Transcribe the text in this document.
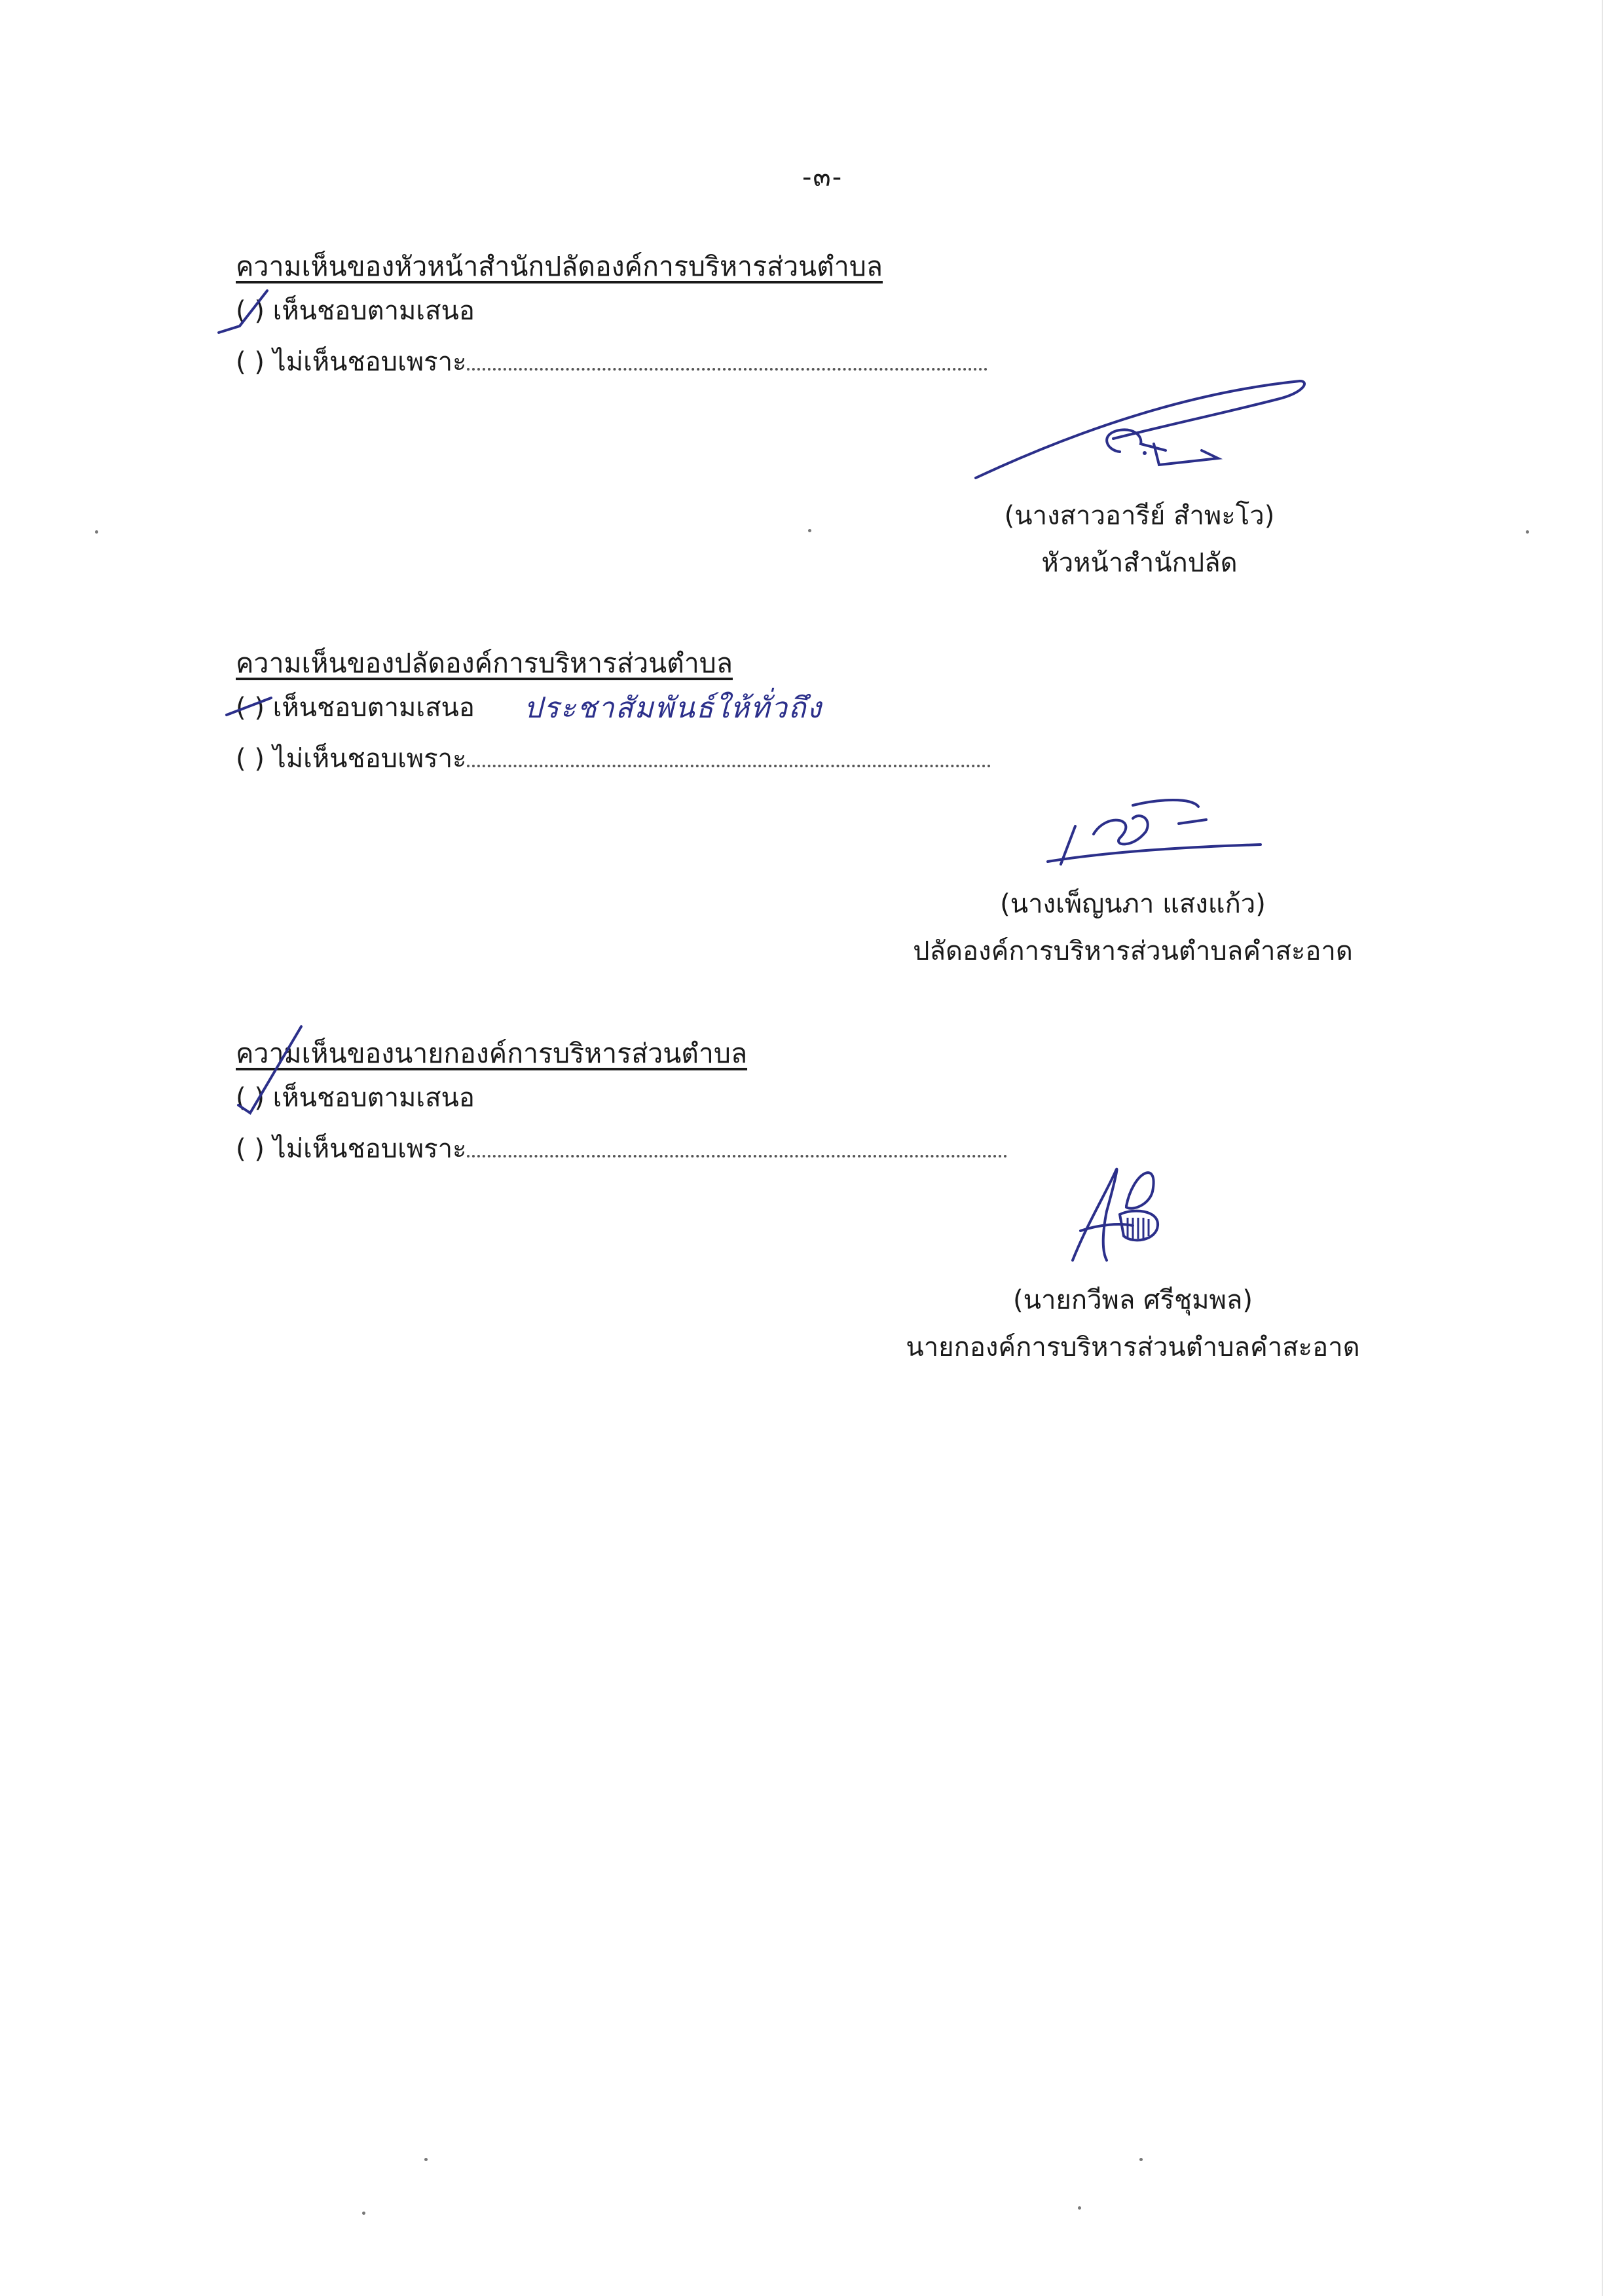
-๓-
ความเห็นของหัวหน้าสำนักปลัดองค์การบริหารส่วนตำบล
( ) เห็นชอบตามเสนอ
( ) ไม่เห็นชอบเพราะ
(นางสาวอารีย์ สำพะโว)
หัวหน้าสำนักปลัด
ความเห็นของปลัดองค์การบริหารส่วนตำบล
( ) เห็นชอบตามเสนอ
( ) ไม่เห็นชอบเพราะ
ประชาสัมพันธ์ให้ทั่วถึง
(นางเพ็ญนภา แสงแก้ว)
ปลัดองค์การบริหารส่วนตำบลคำสะอาด
ความเห็นของนายกองค์การบริหารส่วนตำบล
( ) เห็นชอบตามเสนอ
( ) ไม่เห็นชอบเพราะ
(นายกวีพล ศรีชุมพล)
นายกองค์การบริหารส่วนตำบลคำสะอาด
